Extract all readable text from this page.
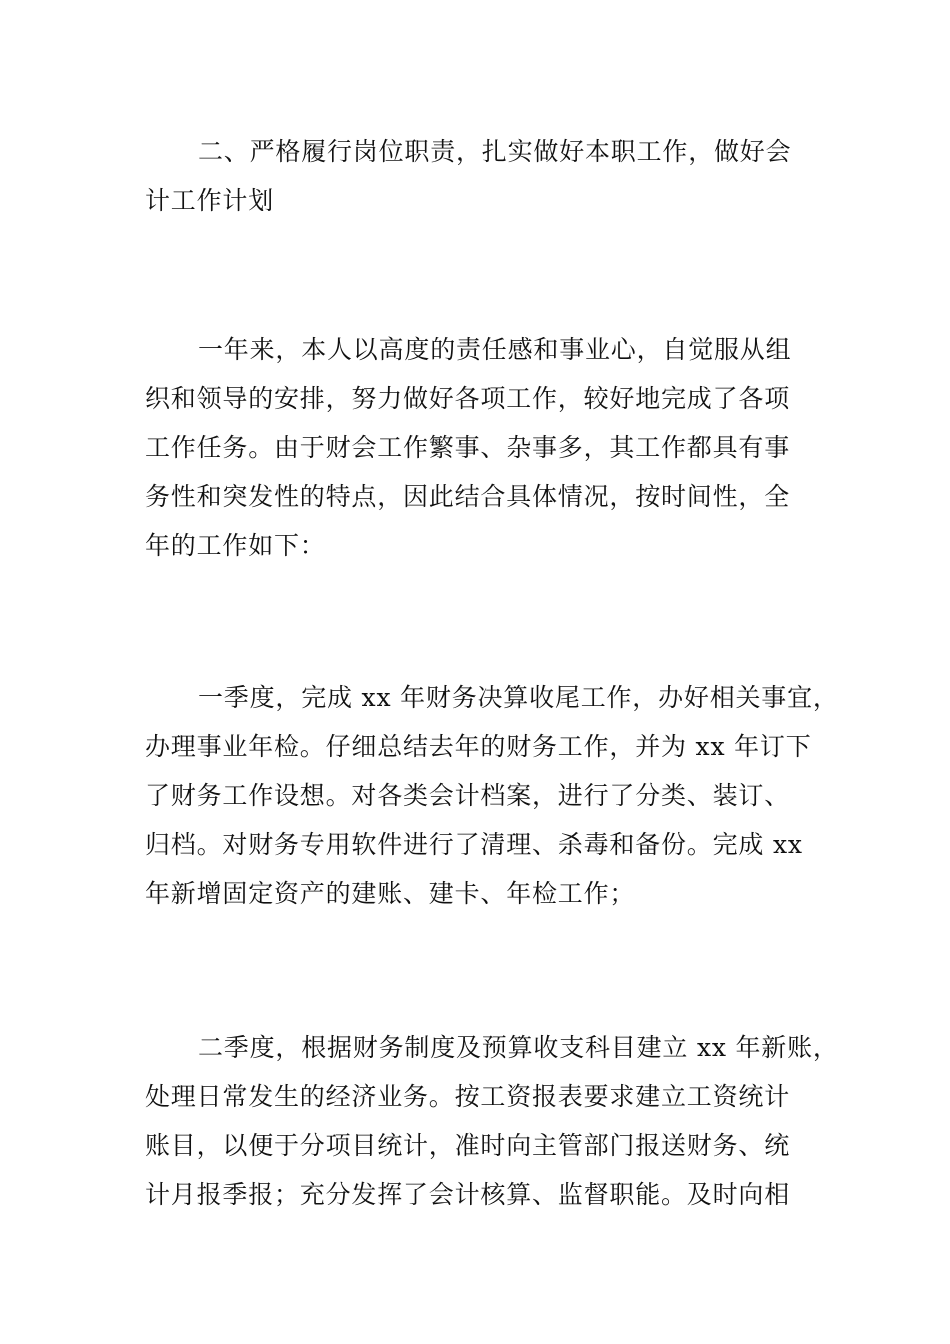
二、严格履行岗位职责，扎实做好本职工作，做好会
计工作计划

一年来，本人以高度的责任感和事业心，自觉服从组
织和领导的安排，努力做好各项工作，较好地完成了各项
工作任务。由于财会工作繁事、杂事多，其工作都具有事
务性和突发性的特点，因此结合具体情况，按时间性，全
年的工作如下：

一季度，完成 xx 年财务决算收尾工作，办好相关事宜，
办理事业年检。仔细总结去年的财务工作，并为 xx 年订下
了财务工作设想。对各类会计档案，进行了分类、装订、
归档。对财务专用软件进行了清理、杀毒和备份。完成 xx
年新增固定资产的建账、建卡、年检工作；

二季度，根据财务制度及预算收支科目建立 xx 年新账，
处理日常发生的经济业务。按工资报表要求建立工资统计
账目，以便于分项目统计，准时向主管部门报送财务、统
计月报季报；充分发挥了会计核算、监督职能。及时向相
